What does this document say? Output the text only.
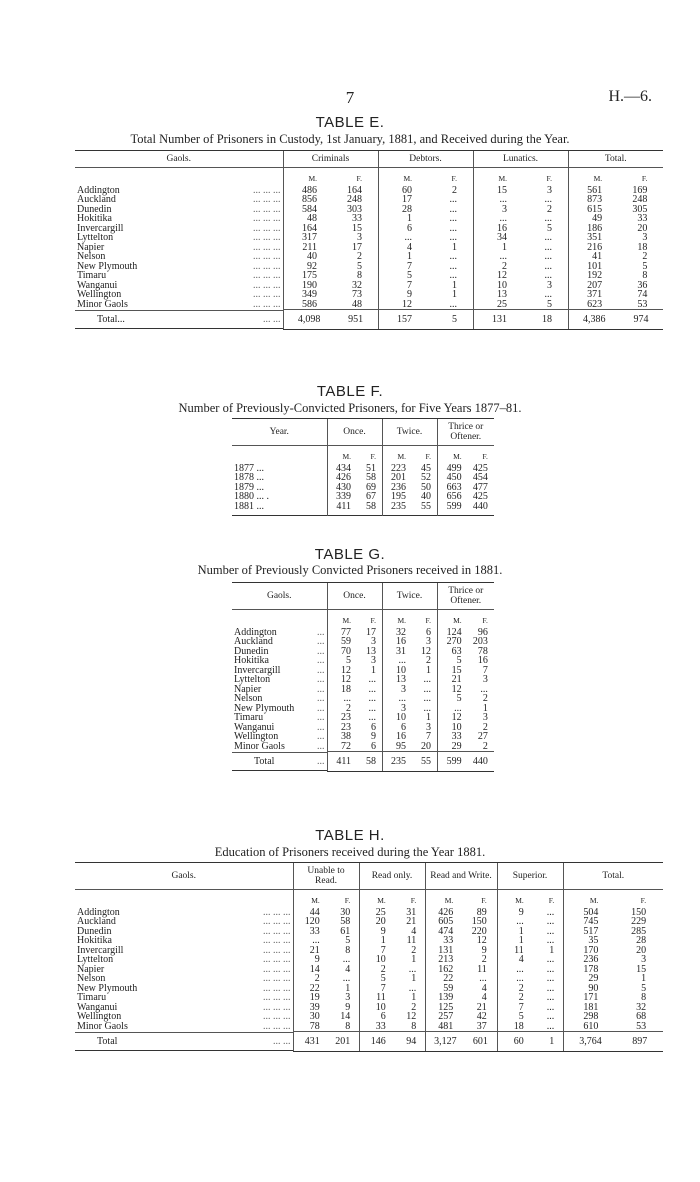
7	H.—6.
TABLE E.
Total Number of Prisoners in Custody, 1st January, 1881, and Received during the Year.
Gaols.	Criminals	Debtors.	Lunatics.	Total.

	M. F.	M. F.	M. F.	M. F.

Addington	... ... ...	486 164	60 2	15 3	561 169

Auckland	... ... ...	856 248	17 ...	... ...	873 248

Dunedin	... ... ...	584 303	28 ...	3 2	615 305

Hokitika	... ... ...	48 33	1 ...	... ...	49 33

Invercargill	... ... ...	164 15	6 ...	16 5	186 20

Lyttelton	... ... ...	317 3	... ...	34 ...	351 3

Napier	... ... ...	211 17	4 1	1 ...	216 18

Nelson	... ... ...	40 2	1 ...	... ...	41 2

New Plymouth	... ... ...	92 5	7 ...	2 ...	101 5

Timaru	... ... ...	175 8	5 ...	12 ...	192 8

Wanganui	... ... ...	190 32	7 1	10 3	207 36

Wellington	... ... ...	349 73	9 1	13 ...	371 74

Minor Gaols	... ... ...	586 48	12 ...	25 5	623 53

Total...	... ... 4,098 951	157 5	131 18	4,386 974
TABLE F.
Number of Previously-Convicted Prisoners, for Five Years 1877–81.
Year.	Once.	Twice.	Thrice or Oftener.

	M. F.	M. F.	M. F.

1877 ...	434 51	223 45	499 425

1878 ...	426 58	201 52	450 454

1879 ...	430 69	236 50	663 477

1880 ... .	339 67	195 40	656 425

1881 ...	411 58	235 55	599 440
TABLE G.
Number of Previously Convicted Prisoners received in 1881.
Gaols.	Once.	Twice.	Thrice or Oftener.

	M. F.	M. F.	M. F.

Addington	...	77 17	32 6	124 96

Auckland	...	59 3	16 3	270 203

Dunedin	...	70 13	31 12	63 78

Hokitika	...	5 3	... 2	5 16

Invercargill	...	12 1	10 1	15 7

Lyttelton	...	12 ...	13 ...	21 3

Napier	...	18 ...	3 ...	12 ...

Nelson	...	... ...	... ...	5 2

New Plymouth ...	2 ...	3 ...	... 1

Timaru	...	23 ...	10 1	12 3

Wanganui	...	23 6	6 3	10 2

Wellington	...	38 9	16 7	33 27

Minor Gaols	...	72 6	95 20	29 2

Total	...	411 58	235 55	599 440
TABLE H.
Education of Prisoners received during the Year 1881.
Gaols.	Unable to Read.	Read only.	Read and Write.	Superior.	Total.

	M. F.	M. F.	M. F.	M. F.	M. F.

Addington	... ... ...	44 30	25 31	426 89	9 ...	504 150

Auckland	... ... ...	120 58	20 21	605 150	... ...	745 229

Dunedin	... ... ...	33 61	9 4	474 220	1 ...	517 285

Hokitika	... ... ...	... 5	1 11	33 12	1 ...	35 28

Invercargill	... ... ...	21 8	7 2	131 9	11 1	170 20

Lyttelton	... ... ...	9 ...	10 1	213 2	4 ...	236 3

Napier	... ... ...	14 4	2 ...	162 11	... ...	178 15

Nelson	... ... ...	2 ...	5 1	22 ...	... ...	29 1

New Plymouth	... ... ...	22 1	7 ...	59 4	2 ...	90 5

Timaru	... ... ...	19 3	11 1	139 4	2 ...	171 8

Wanganui	... ... ...	39 9	10 2	125 21	7 ...	181 32

Wellington	... ... ...	30 14	6 12	257 42	5 ...	298 68

Minor Gaols	... ... ...	78 8	33 8	481 37	18 ...	610 53

Total	... ...	431 201	146 94	3,127 601	60 1	3,764 897
